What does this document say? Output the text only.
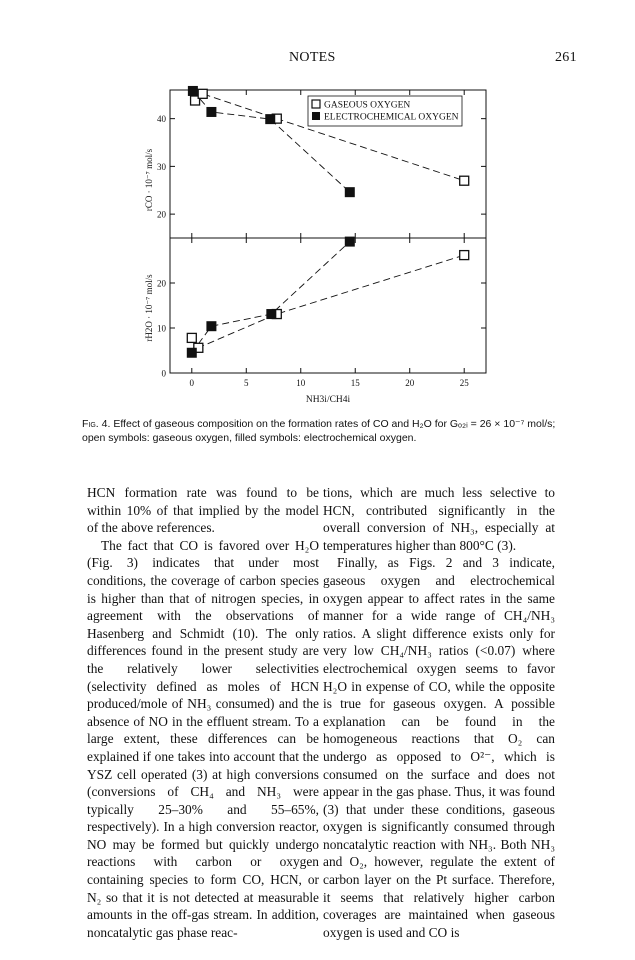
NOTES	261
20
30
40
0
10
20
0	5	10	15	20	25
GASEOUS OXYGEN
ELECTROCHEMICAL OXYGEN
rCO · 10⁻⁷ mol/s
rH2O · 10⁻⁷ mol/s
NH3i/CH4i
Fig. 4. Effect of gaseous composition on the formation rates of CO and H₂O for Gₒ₂ᵢ = 26 × 10⁻⁷ mol/s; open symbols: gaseous oxygen, filled symbols: electrochemical oxygen.

HCN formation rate was found to be within 10% of that implied by the model of the above references.

The fact that CO is favored over H₂O (Fig. 3) indicates that under most conditions, the coverage of carbon species is higher than that of nitrogen species, in agreement with the observations of Hasenberg and Schmidt (10). The only differences found in the present study are the relatively lower selectivities (selectivity defined as moles of HCN produced/mole of NH₃ consumed) and the absence of NO in the effluent stream. To a large extent, these differences can be explained if one takes into account that the YSZ cell operated (3) at high conversions (conversions of CH₄ and NH₃ were typically 25–30% and 55–65%, respectively). In a high conversion reactor, NO may be formed but quickly undergo reactions with carbon or oxygen containing species to form CO, HCN, or N₂ so that it is not detected at measurable amounts in the off-gas stream. In addition, noncatalytic gas phase reac-

tions, which are much less selective to HCN, contributed significantly in the overall conversion of NH₃, especially at temperatures higher than 800°C (3).

Finally, as Figs. 2 and 3 indicate, gaseous oxygen and electrochemical oxygen appear to affect rates in the same manner for a wide range of CH₄/NH₃ ratios. A slight difference exists only for very low CH₄/NH₃ ratios (<0.07) where electrochemical oxygen seems to favor H₂O in expense of CO, while the opposite is true for gaseous oxygen. A possible explanation can be found in the homogeneous reactions that O₂ can undergo as opposed to O²⁻, which is consumed on the surface and does not appear in the gas phase. Thus, it was found (3) that under these conditions, gaseous oxygen is significantly consumed through noncatalytic reaction with NH₃. Both NH₃ and O₂, however, regulate the extent of carbon layer on the Pt surface. Therefore, it seems that relatively higher carbon coverages are maintained when gaseous oxygen is used and CO is
